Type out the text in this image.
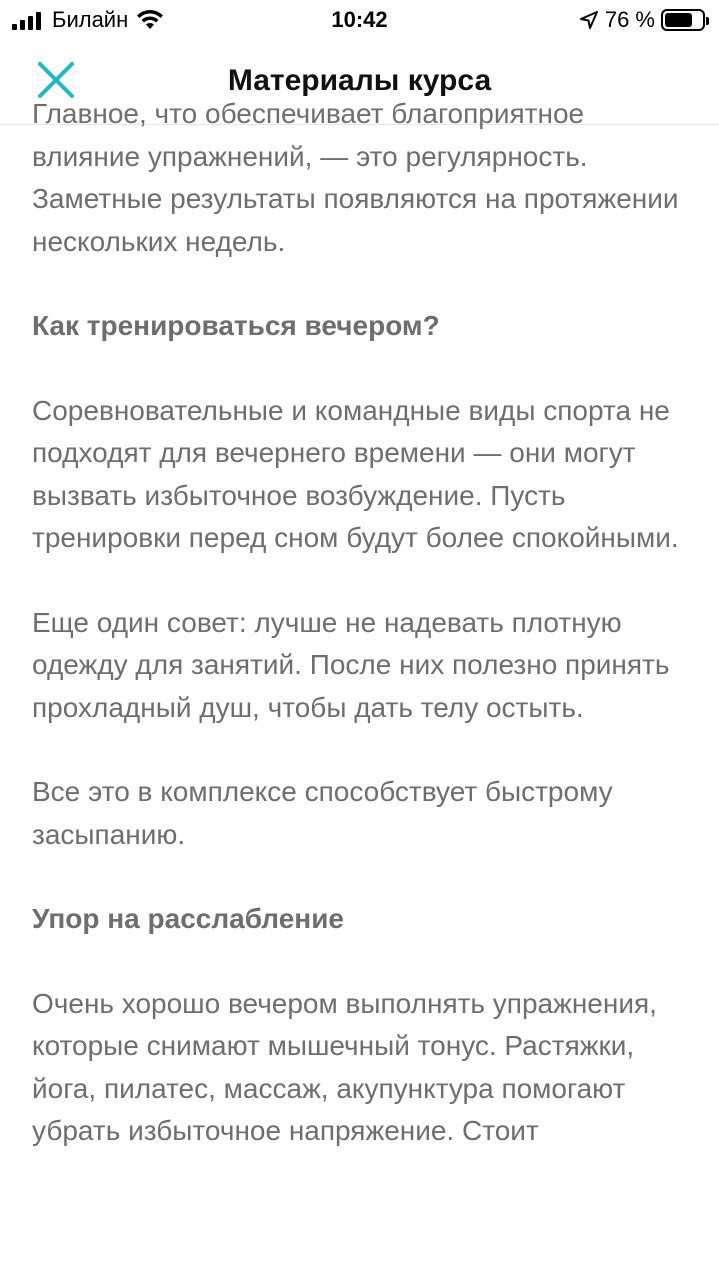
Билайн	10:42	76 %
Материалы курса

Главное, что обеспечивает благоприятное влияние упражнений, — это регулярность. Заметные результаты появляются на протяжении нескольких недель.

Как тренироваться вечером?

Соревновательные и командные виды спорта не подходят для вечернего времени — они могут вызвать избыточное возбуждение. Пусть тренировки перед сном будут более спокойными.

Еще один совет: лучше не надевать плотную одежду для занятий. После них полезно принять прохладный душ, чтобы дать телу остыть.

Все это в комплексе способствует быстрому засыпанию.

Упор на расслабление

Очень хорошо вечером выполнять упражнения, которые снимают мышечный тонус. Растяжки, йога, пилатес, массаж, акупунктура помогают убрать избыточное напряжение. Стоит
